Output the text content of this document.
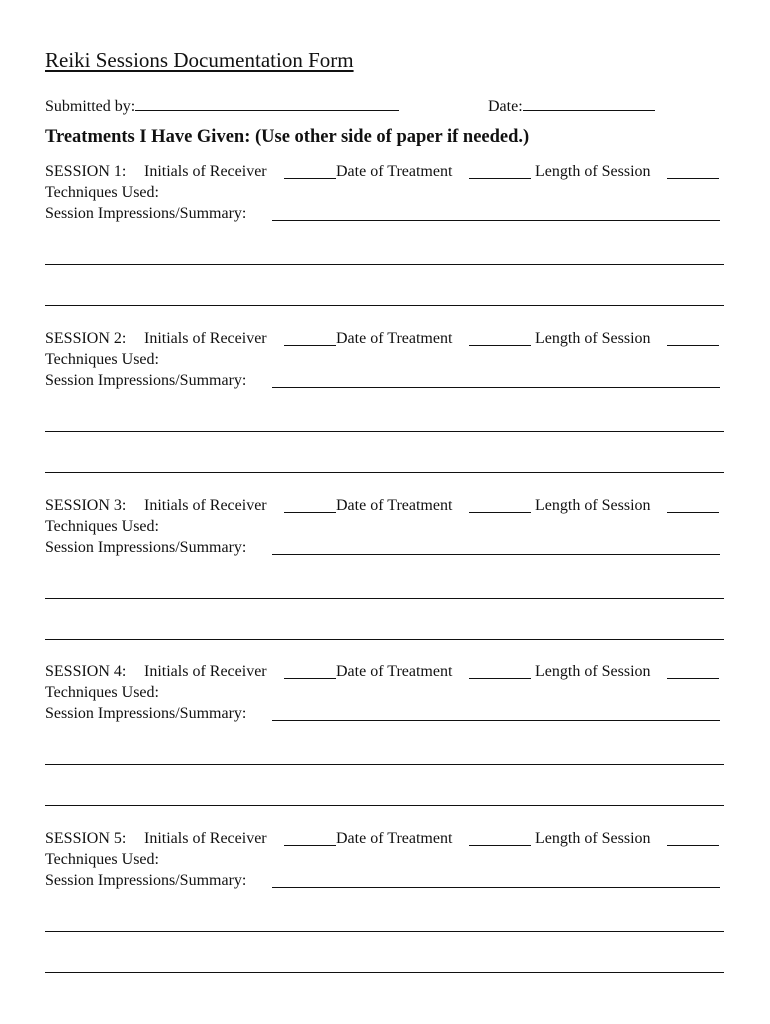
Reiki Sessions Documentation Form
Submitted by:	Date:
Treatments I Have Given: (Use other side of paper if needed.)
SESSION 1: Initials of Receiver	Date of Treatment	Length of Session
Techniques Used:
Session Impressions/Summary:
SESSION 2: Initials of Receiver	Date of Treatment	Length of Session
Techniques Used:
Session Impressions/Summary:
SESSION 3: Initials of Receiver	Date of Treatment	Length of Session
Techniques Used:
Session Impressions/Summary:
SESSION 4: Initials of Receiver	Date of Treatment	Length of Session
Techniques Used:
Session Impressions/Summary:
SESSION 5: Initials of Receiver	Date of Treatment	Length of Session
Techniques Used:
Session Impressions/Summary:
